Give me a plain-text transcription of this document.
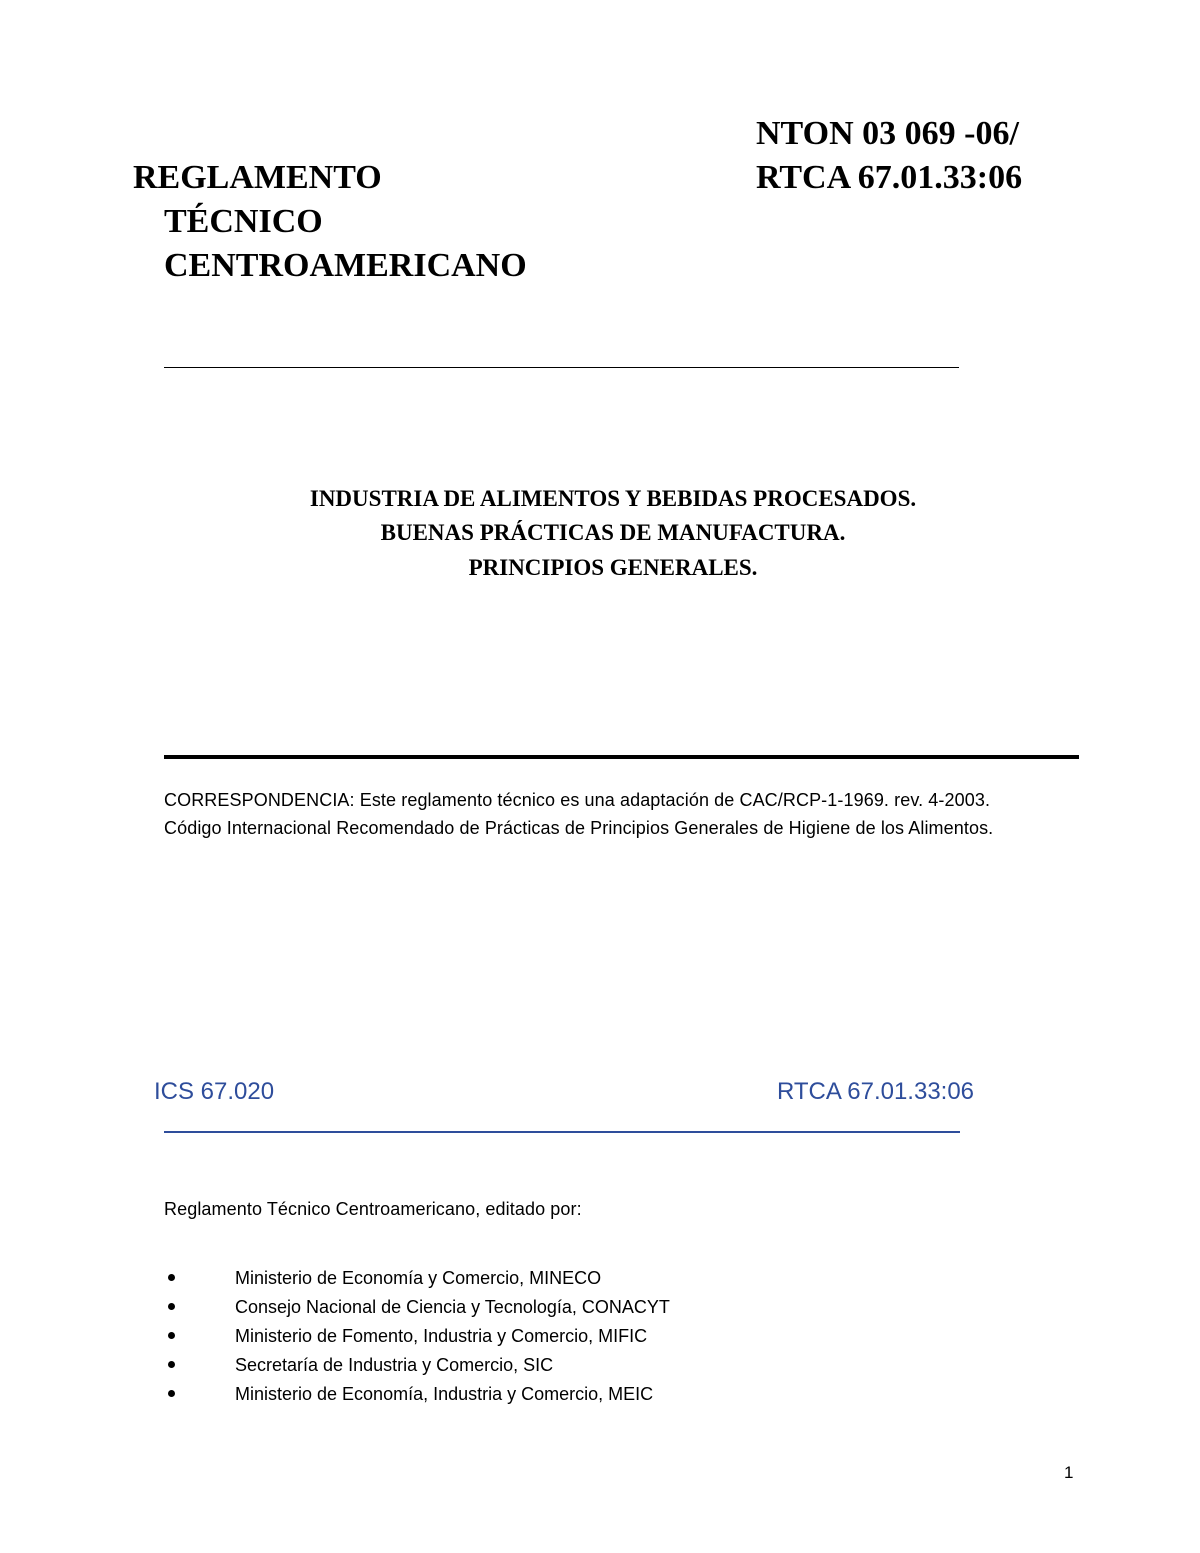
NTON 03 069 -06/
RTCA 67.01.33:06
REGLAMENTO
TÉCNICO
CENTROAMERICANO
INDUSTRIA DE ALIMENTOS Y BEBIDAS PROCESADOS.
BUENAS PRÁCTICAS DE MANUFACTURA.
PRINCIPIOS GENERALES.
CORRESPONDENCIA: Este reglamento técnico es una adaptación de CAC/RCP-1-1969. rev. 4-2003.
Código Internacional Recomendado de Prácticas de Principios Generales de Higiene de los Alimentos.
ICS 67.020	RTCA 67.01.33:06
Reglamento Técnico Centroamericano, editado por:
Ministerio de Economía y Comercio, MINECO
Consejo Nacional de Ciencia y Tecnología, CONACYT
Ministerio de Fomento, Industria y Comercio, MIFIC
Secretaría de Industria y Comercio, SIC
Ministerio de Economía, Industria y Comercio, MEIC
1
